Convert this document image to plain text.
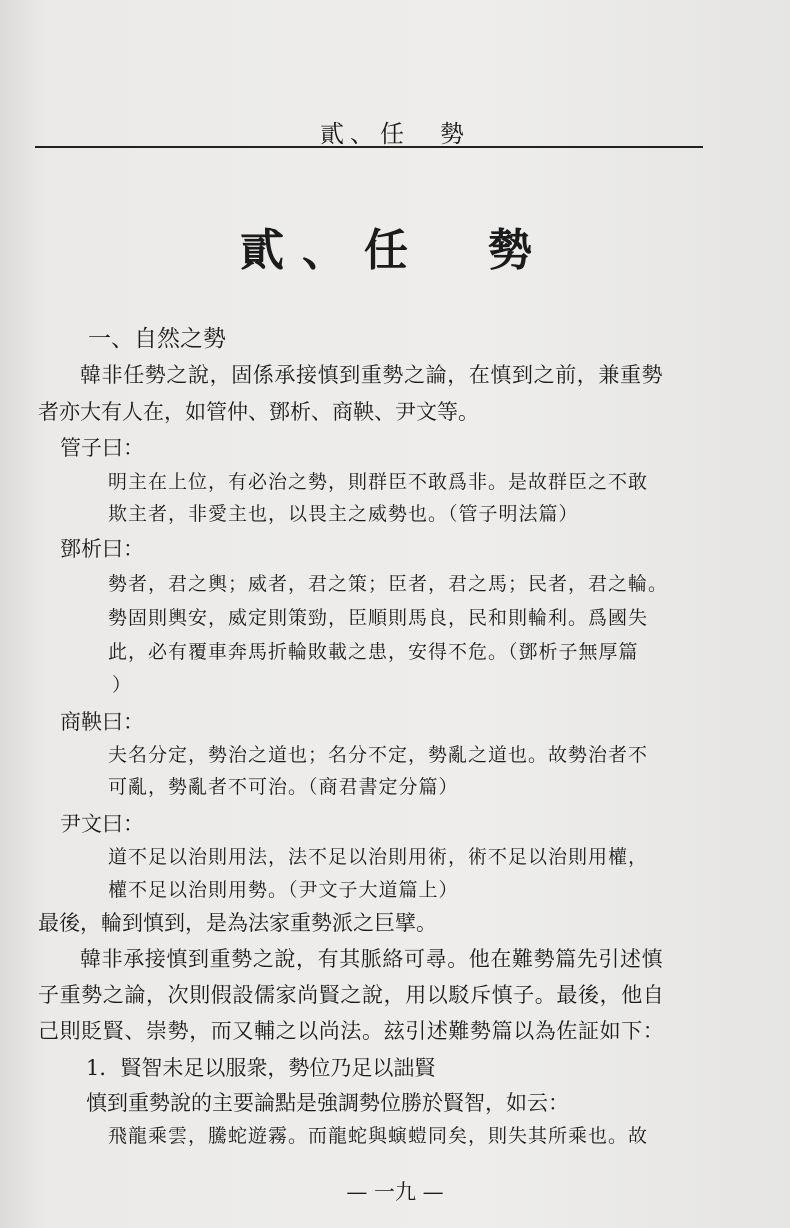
貳、任　勢
貳、任　勢
一、自然之勢
韓非任勢之說，固係承接慎到重勢之論，在慎到之前，兼重勢
者亦大有人在，如管仲、鄧析、商鞅、尹文等。
管子曰：
明主在上位，有必治之勢，則群臣不敢爲非。是故群臣之不敢
欺主者，非愛主也，以畏主之威勢也。（管子明法篇）
鄧析曰：
勢者，君之輿；威者，君之策；臣者，君之馬；民者，君之輪。
勢固則輿安，威定則策勁，臣順則馬良，民和則輪利。爲國失
此，必有覆車奔馬折輪敗載之患，安得不危。（鄧析子無厚篇
）
商鞅曰：
夫名分定，勢治之道也；名分不定，勢亂之道也。故勢治者不
可亂，勢亂者不可治。（商君書定分篇）
尹文曰：
道不足以治則用法，法不足以治則用術，術不足以治則用權，
權不足以治則用勢。（尹文子大道篇上）
最後，輪到慎到，是為法家重勢派之巨擘。
韓非承接慎到重勢之說，有其脈絡可尋。他在難勢篇先引述慎
子重勢之論，次則假設儒家尚賢之說，用以駁斥慎子。最後，他自
己則貶賢、崇勢，而又輔之以尚法。玆引述難勢篇以為佐証如下：
1．賢智未足以服衆，勢位乃足以詘賢
慎到重勢說的主要論點是強調勢位勝於賢智，如云：
飛龍乘雲，騰蛇遊霧。而龍蛇與螾螘同矣，則失其所乘也。故
— 一九 —
